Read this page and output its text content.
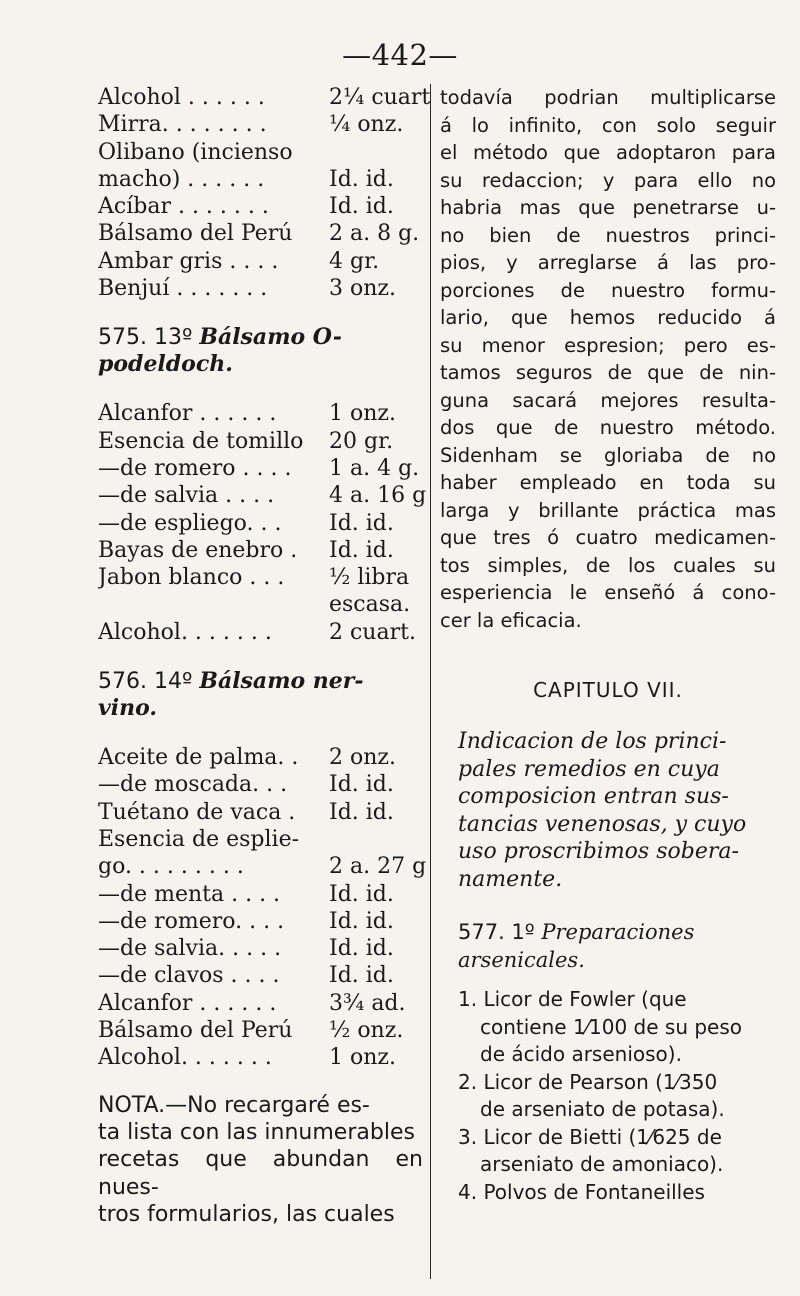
—442—
Alcohol . . . . . .	2¼ cuart
Mirra. . . . . . . .	¼ onz.
Olibano (incienso
macho) . . . . . .	Id. id.
Acíbar . . . . . . .	Id. id.
Bálsamo del Perú	2 a. 8 g.
Ambar gris . . . .	4 gr.
Benjuí . . . . . . .	3 onz.
575. 13º Bálsamo O-
podeldoch.
Alcanfor . . . . . .	1 onz.
Esencia de tomillo	20 gr.
—de romero . . . .	1 a. 4 g.
—de salvia . . . .	4 a. 16 g
—de espliego. . .	Id. id.
Bayas de enebro .	Id. id.
Jabon blanco . . .	½ libra
escasa.
Alcohol. . . . . . .	2 cuart.
576. 14º Bálsamo ner-
vino.
Aceite de palma. .	2 onz.
—de moscada. . .	Id. id.
Tuétano de vaca .	Id. id.
Esencia de esplie-
go. . . . . . . . .	2 a. 27 g
—de menta . . . .	Id. id.
—de romero. . . .	Id. id.
—de salvia. . . . .	Id. id.
—de clavos . . . .	Id. id.
Alcanfor . . . . . .	3¾ ad.
Bálsamo del Perú	½ onz.
Alcohol. . . . . . .	1 onz.
NOTA.—No recargaré es-
ta lista con las innumerables
recetas que abundan en nues-
tros formularios, las cuales
todavía podrian multiplicarse
á lo infinito, con solo seguir
el método que adoptaron para
su redaccion; y para ello no
habria mas que penetrarse u-
no bien de nuestros princi-
pios, y arreglarse á las pro-
porciones de nuestro formu-
lario, que hemos reducido á
su menor espresion; pero es-
tamos seguros de que de nin-
guna sacará mejores resulta-
dos que de nuestro método.
Sidenham se gloriaba de no
haber empleado en toda su
larga y brillante práctica mas
que tres ó cuatro medicamen-
tos simples, de los cuales su
esperiencia le enseñó á cono-
cer la eficacia.
CAPITULO VII.
Indicacion de los princi-
pales remedios en cuya
composicion entran sus-
tancias venenosas, y cuyo
uso proscribimos sobera-
namente.
577. 1º Preparaciones
arsenicales.
1. Licor de Fowler (que
contiene 1⁄100 de su peso
de ácido arsenioso).
2. Licor de Pearson (1⁄350
de arseniato de potasa).
3. Licor de Bietti (1⁄625 de
arseniato de amoniaco).
4. Polvos de Fontaneilles
